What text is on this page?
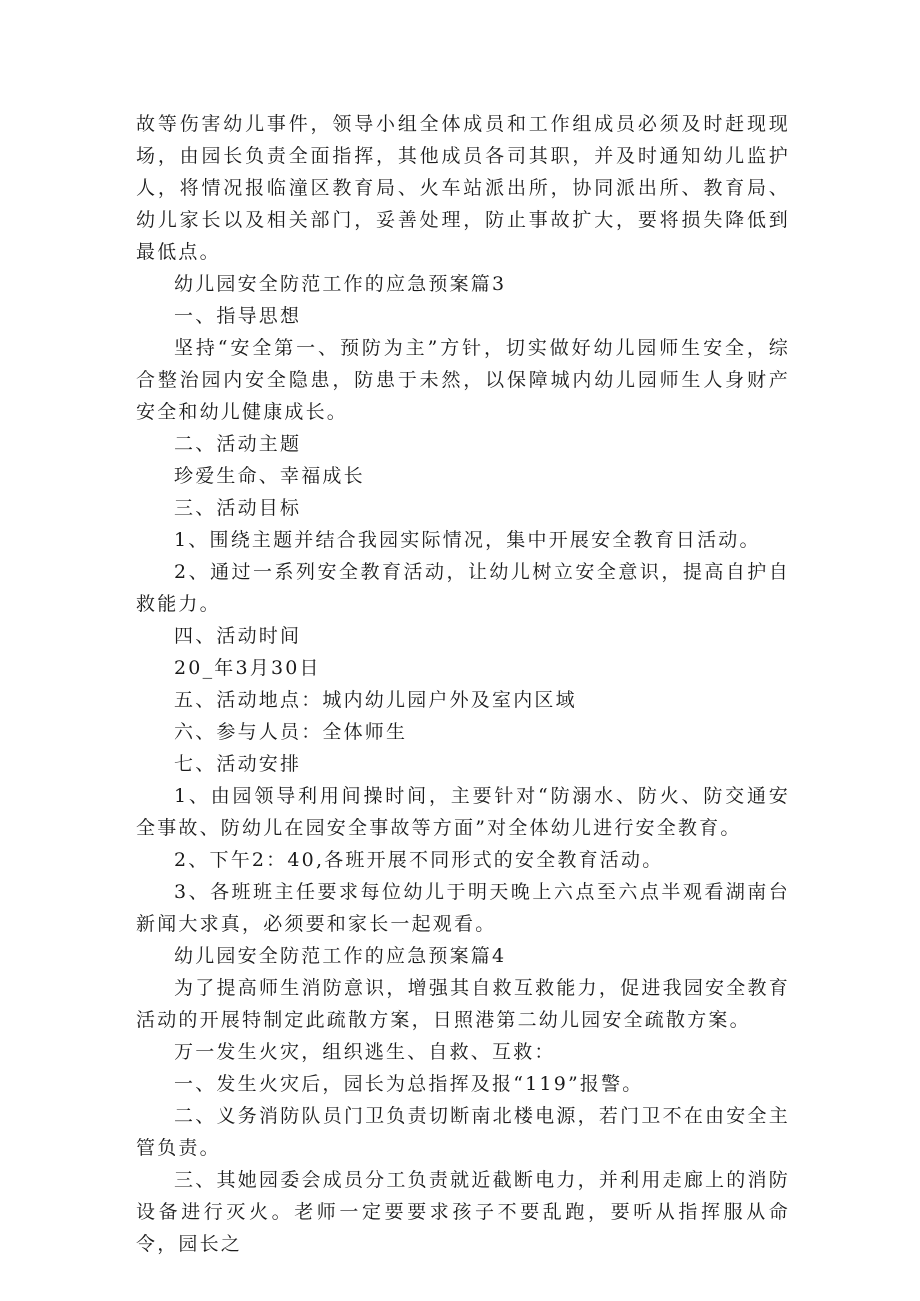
故等伤害幼儿事件，领导小组全体成员和工作组成员必须及时赶现现场，由园长负责全面指挥，其他成员各司其职，并及时通知幼儿监护人，将情况报临潼区教育局、火车站派出所，协同派出所、教育局、幼儿家长以及相关部门，妥善处理，防止事故扩大，要将损失降低到最低点。

幼儿园安全防范工作的应急预案篇3

一、指导思想

坚持“安全第一、预防为主”方针，切实做好幼儿园师生安全，综合整治园内安全隐患，防患于未然，以保障城内幼儿园师生人身财产安全和幼儿健康成长。

二、活动主题

珍爱生命、幸福成长

三、活动目标

1、围绕主题并结合我园实际情况，集中开展安全教育日活动。

2、通过一系列安全教育活动，让幼儿树立安全意识，提高自护自救能力。

四、活动时间

20_年3月30日

五、活动地点：城内幼儿园户外及室内区域

六、参与人员：全体师生

七、活动安排

1、由园领导利用间操时间，主要针对“防溺水、防火、防交通安全事故、防幼儿在园安全事故等方面”对全体幼儿进行安全教育。

2、下午2：40,各班开展不同形式的安全教育活动。

3、各班班主任要求每位幼儿于明天晚上六点至六点半观看湖南台新闻大求真，必须要和家长一起观看。

幼儿园安全防范工作的应急预案篇4

为了提高师生消防意识，增强其自救互救能力，促进我园安全教育活动的开展特制定此疏散方案，日照港第二幼儿园安全疏散方案。

万一发生火灾，组织逃生、自救、互救：

一、发生火灾后，园长为总指挥及报“119”报警。

二、义务消防队员门卫负责切断南北楼电源，若门卫不在由安全主管负责。

三、其她园委会成员分工负责就近截断电力，并利用走廊上的消防设备进行灭火。老师一定要要求孩子不要乱跑，要听从指挥服从命令，园长之
